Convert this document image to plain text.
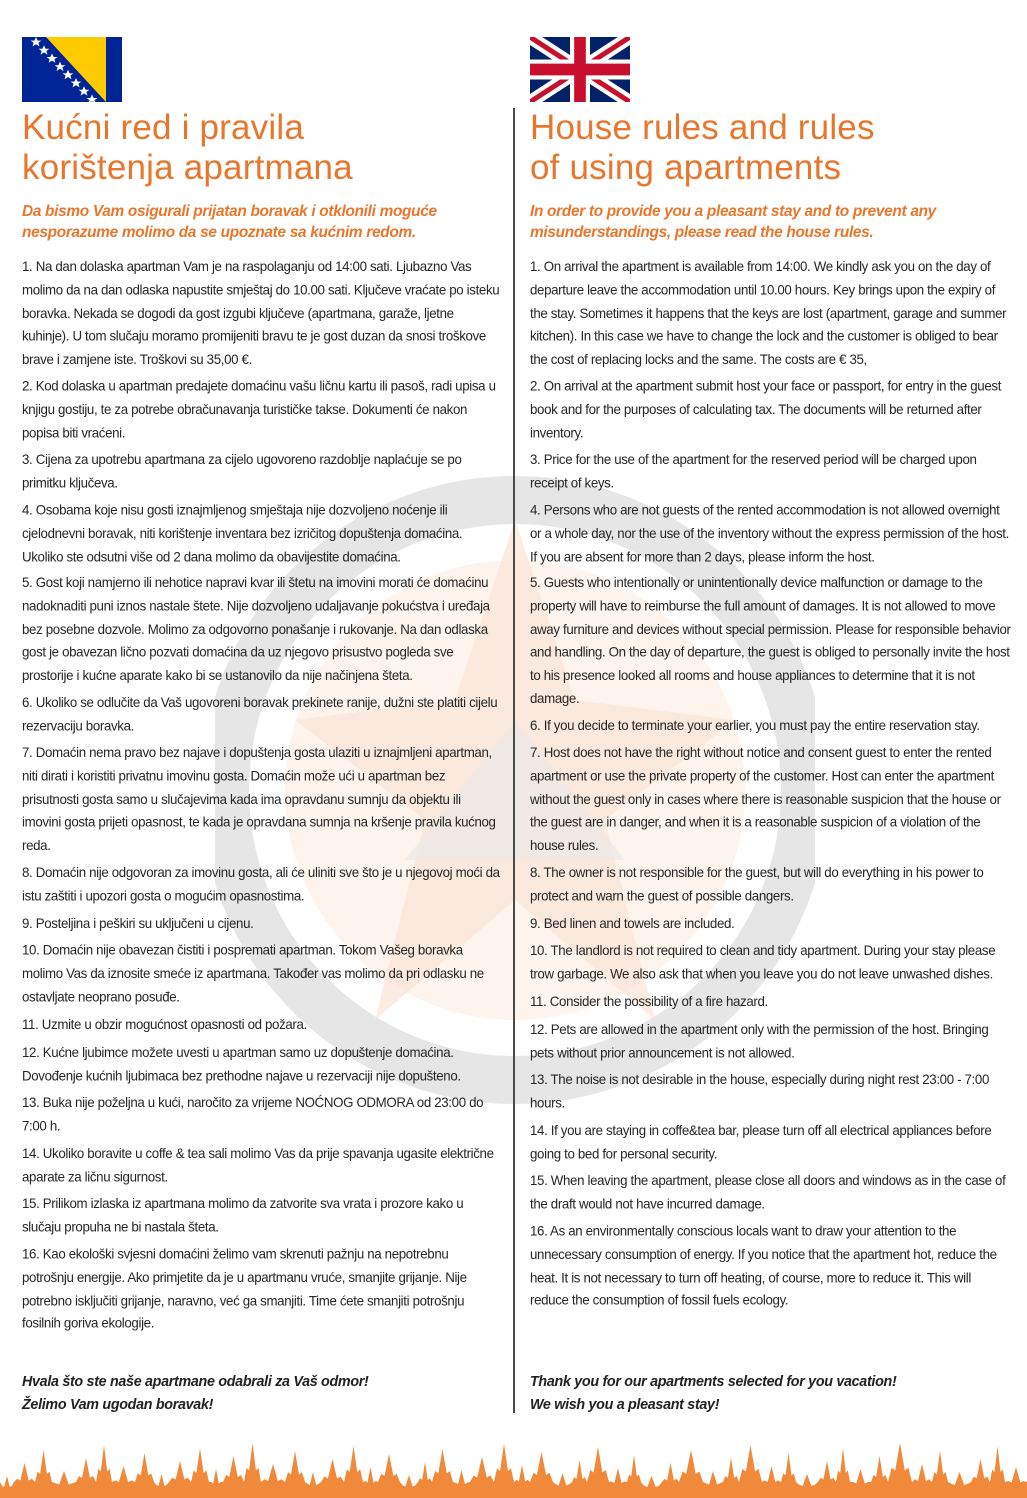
Kućni red i pravila
korištenja apartmana

Da bismo Vam osigurali prijatan boravak i otklonili moguće nesporazume molimo da se upoznate sa kućnim redom.

1. Na dan dolaska apartman Vam je na raspolaganju od 14:00 sati. Ljubazno Vas molimo da na dan odlaska napustite smještaj do 10.00 sati. Ključeve vraćate po isteku boravka. Nekada se dogodi da gost izgubi ključeve (apartmana, garaže, ljetne kuhinje). U tom slučaju moramo promijeniti bravu te je gost duzan da snosi troškove brave i zamjene iste. Troškovi su 35,00 €.
2. Kod dolaska u apartman predajete domaćinu vašu ličnu kartu ili pasoš, radi upisa u knjigu gostiju, te za potrebe obračunavanja turističke takse. Dokumenti će nakon popisa biti vraćeni.
3. Cijena za upotrebu apartmana za cijelo ugovoreno razdoblje naplaćuje se po primitku ključeva.
4. Osobama koje nisu gosti iznajmljenog smještaja nije dozvoljeno noćenje ili cjelodnevni boravak, niti korištenje inventara bez izričitog dopuštenja domaćina. Ukoliko ste odsutni više od 2 dana molimo da obavijestite domaćina.
5. Gost koji namjerno ili nehotice napravi kvar ili štetu na imovini morati će domaćinu nadoknaditi puni iznos nastale štete. Nije dozvoljeno udaljavanje pokućstva i uređaja bez posebne dozvole. Molimo za odgovorno ponašanje i rukovanje. Na dan odlaska gost je obavezan lično pozvati domaćina da uz njegovo prisustvo pogleda sve prostorije i kućne aparate kako bi se ustanovilo da nije načinjena šteta.
6. Ukoliko se odlučite da Vaš ugovoreni boravak prekinete ranije, dužni ste platiti cijelu rezervaciju boravka.
7. Domaćin nema pravo bez najave i dopuštenja gosta ulaziti u iznajmljeni apartman, niti dirati i koristiti privatnu imovinu gosta. Domaćin može ući u apartman bez prisutnosti gosta samo u slučajevima kada ima opravdanu sumnju da objektu ili imovini gosta prijeti opasnost, te kada je opravdana sumnja na kršenje pravila kućnog reda.
8. Domaćin nije odgovoran za imovinu gosta, ali će uliniti sve što je u njegovoj moći da istu zaštiti i upozori gosta o mogućim opasnostima.
9. Posteljina i peškiri su uključeni u cijenu.
10. Domaćin nije obavezan čistiti i pospremati apartman. Tokom Vašeg boravka molimo Vas da iznosite smeće iz apartmana. Također vas molimo da pri odlasku ne ostavljate neoprano posuđe.
11. Uzmite u obzir mogućnost opasnosti od požara.
12. Kućne ljubimce možete uvesti u apartman samo uz dopuštenje domaćina. Dovođenje kućnih ljubimaca bez prethodne najave u rezervaciji nije dopušteno.
13. Buka nije poželjna u kući, naročito za vrijeme NOĆNOG ODMORA od 23:00 do 7:00 h.
14. Ukoliko boravite u coffe & tea sali molimo Vas da prije spavanja ugasite električne aparate za ličnu sigurnost.
15. Prilikom izlaska iz apartmana molimo da zatvorite sva vrata i prozore kako u slučaju propuha ne bi nastala šteta.
16. Kao ekološki svjesni domaćini želimo vam skrenuti pažnju na nepotrebnu potrošnju energije. Ako primjetite da je u apartmanu vruće, smanjite grijanje. Nije potrebno isključiti grijanje, naravno, već ga smanjiti. Time ćete smanjiti potrošnju fosilnih goriva ekologije.
Hvala što ste naše apartmane odabrali za Vaš odmor!
Želimo Vam ugodan boravak!
House rules and rules
of using apartments

In order to provide you a pleasant stay and to prevent any misunderstandings, please read the house rules.

1. On arrival the apartment is available from 14:00. We kindly ask you on the day of departure leave the accommodation until 10.00 hours. Key brings upon the expiry of the stay. Sometimes it happens that the keys are lost (apartment, garage and summer kitchen). In this case we have to change the lock and the customer is obliged to bear the cost of replacing locks and the same. The costs are € 35,
2. On arrival at the apartment submit host your face or passport, for entry in the guest book and for the purposes of calculating tax. The documents will be returned after inventory.
3. Price for the use of the apartment for the reserved period will be charged upon receipt of keys.
4. Persons who are not guests of the rented accommodation is not allowed overnight or a whole day, nor the use of the inventory without the express permission of the host. If you are absent for more than 2 days, please inform the host.
5. Guests who intentionally or unintentionally device malfunction or damage to the property will have to reimburse the full amount of damages. It is not allowed to move away furniture and devices without special permission. Please for responsible behavior and handling. On the day of departure, the guest is obliged to personally invite the host to his presence looked all rooms and house appliances to determine that it is not damage.
6. If you decide to terminate your earlier, you must pay the entire reservation stay.
7. Host does not have the right without notice and consent guest to enter the rented apartment or use the private property of the customer. Host can enter the apartment without the guest only in cases where there is reasonable suspicion that the house or the guest are in danger, and when it is a reasonable suspicion of a violation of the house rules.
8. The owner is not responsible for the guest, but will do everything in his power to protect and warn the guest of possible dangers.
9. Bed linen and towels are included.
10. The landlord is not required to clean and tidy apartment. During your stay please trow garbage. We also ask that when you leave you do not leave unwashed dishes.
11. Consider the possibility of a fire hazard.
12. Pets are allowed in the apartment only with the permission of the host. Bringing pets without prior announcement is not allowed.
13. The noise is not desirable in the house, especially during night rest 23:00 - 7:00 hours.
14. If you are staying in coffe&tea bar, please turn off all electrical appliances before going to bed for personal security.
15. When leaving the apartment, please close all doors and windows as in the case of the draft would not have incurred damage.
16. As an environmentally conscious locals want to draw your attention to the unnecessary consumption of energy. If you notice that the apartment hot, reduce the heat. It is not necessary to turn off heating, of course, more to reduce it. This will reduce the consumption of fossil fuels ecology.
Thank you for our apartments selected for you vacation!
We wish you a pleasant stay!
